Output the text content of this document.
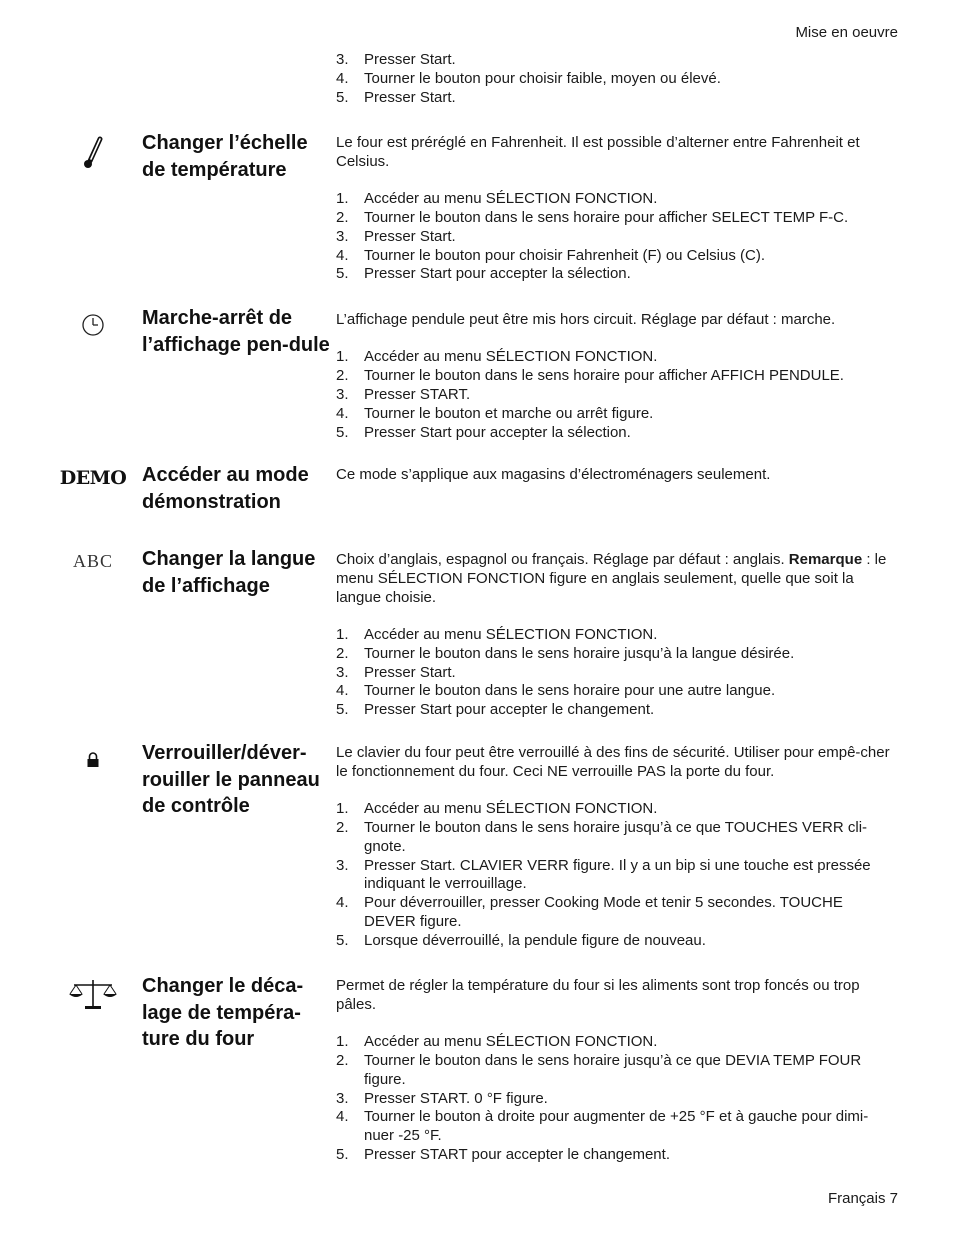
Mise en oeuvre
3. Presser Start.
4. Tourner le bouton pour choisir faible, moyen ou élevé.
5. Presser Start.
Changer l’échelle de température

Le four est préréglé en Fahrenheit. Il est possible d’alterner entre Fahrenheit et Celsius.

1. Accéder au menu SÉLECTION FONCTION.
2. Tourner le bouton dans le sens horaire pour afficher SELECT TEMP F-C.
3. Presser Start.
4. Tourner le bouton pour choisir Fahrenheit (F) ou Celsius (C).
5. Presser Start pour accepter la sélection.
Marche-arrêt de l’affichage pen-dule

L’affichage pendule peut être mis hors circuit. Réglage par défaut : marche.

1. Accéder au menu SÉLECTION FONCTION.
2. Tourner le bouton dans le sens horaire pour afficher AFFICH PENDULE.
3. Presser START.
4. Tourner le bouton et marche ou arrêt figure.
5. Presser Start pour accepter la sélection.
DEMO Accéder au mode démonstration

Ce mode s’applique aux magasins d’électroménagers seulement.

ABC Changer la langue de l’affichage

Choix d’anglais, espagnol ou français. Réglage par défaut : anglais. Remarque : le menu SÉLECTION FONCTION figure en anglais seulement, quelle que soit la langue choisie.

1. Accéder au menu SÉLECTION FONCTION.
2. Tourner le bouton dans le sens horaire jusqu’à la langue désirée.
3. Presser Start.
4. Tourner le bouton dans le sens horaire pour une autre langue.
5. Presser Start pour accepter le changement.
Verrouiller/déver-rouiller le panneau de contrôle

Le clavier du four peut être verrouillé à des fins de sécurité. Utiliser pour empê-cher le fonctionnement du four. Ceci NE verrouille PAS la porte du four.

1. Accéder au menu SÉLECTION FONCTION.
2. Tourner le bouton dans le sens horaire jusqu’à ce que TOUCHES VERR cli-gnote.
3. Presser Start. CLAVIER VERR figure. Il y a un bip si une touche est pressée indiquant le verrouillage.
4. Pour déverrouiller, presser Cooking Mode et tenir 5 secondes. TOUCHE DEVER figure.
5. Lorsque déverrouillé, la pendule figure de nouveau.
Changer le déca-lage de tempéra-ture du four

Permet de régler la température du four si les aliments sont trop foncés ou trop pâles.

1. Accéder au menu SÉLECTION FONCTION.
2. Tourner le bouton dans le sens horaire jusqu’à ce que DEVIA TEMP FOUR figure.
3. Presser START. 0 °F figure.
4. Tourner le bouton à droite pour augmenter de +25 °F et à gauche pour dimi-nuer -25 °F.
5. Presser START pour accepter le changement.
Français 7
